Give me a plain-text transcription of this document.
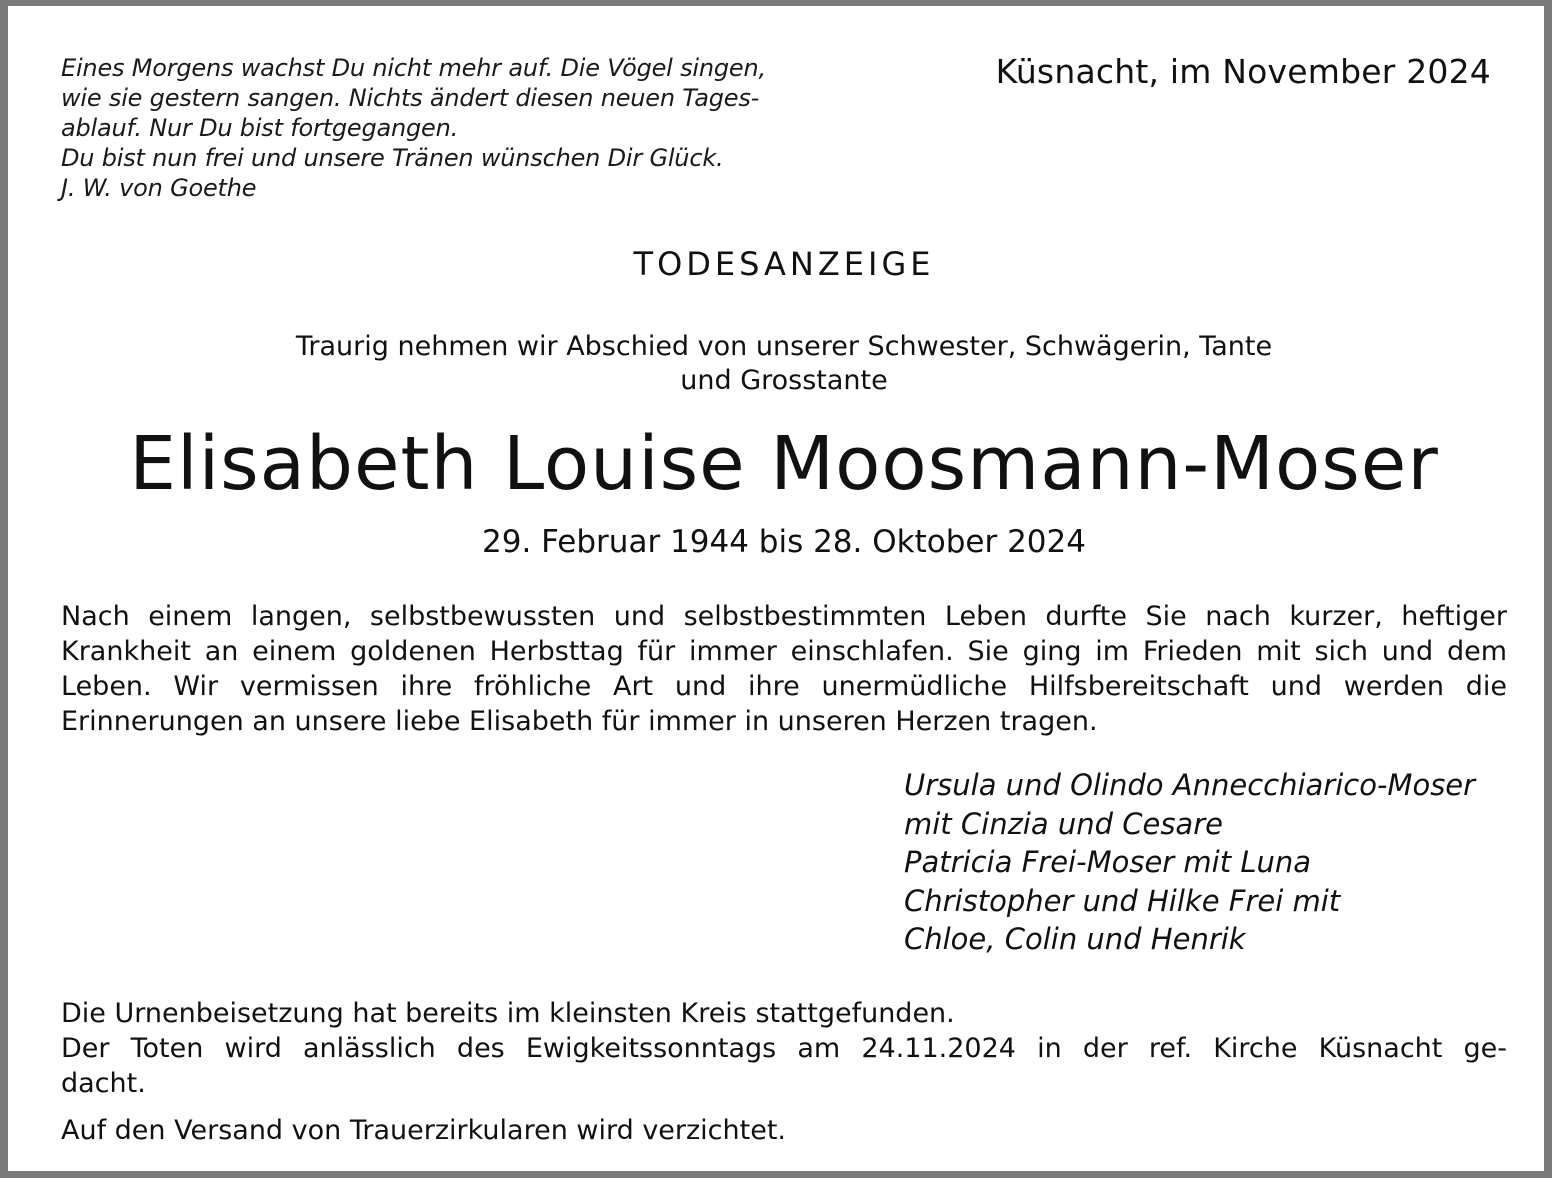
Eines Morgens wachst Du nicht mehr auf. Die Vögel singen,
wie sie gestern sangen. Nichts ändert diesen neuen Tages-
ablauf. Nur Du bist fortgegangen.
Du bist nun frei und unsere Tränen wünschen Dir Glück.
J. W. von Goethe
Küsnacht, im November 2024
TODESANZEIGE
Traurig nehmen wir Abschied von unserer Schwester, Schwägerin, Tante
und Grosstante
Elisabeth Louise Moosmann-Moser
29. Februar 1944 bis 28. Oktober 2024
Nach einem langen, selbstbewussten und selbstbestimmten Leben durfte Sie nach kurzer, heftiger Krankheit an einem goldenen Herbsttag für immer einschlafen. Sie ging im Frieden mit sich und dem Leben. Wir vermissen ihre fröhliche Art und ihre unermüdliche Hilfsbereitschaft und werden die Erinnerungen an unsere liebe Elisabeth für immer in unseren Herzen tragen.
Ursula und Olindo Annecchiarico-Moser
mit Cinzia und Cesare
Patricia Frei-Moser mit Luna
Christopher und Hilke Frei mit
Chloe, Colin und Henrik
Die Urnenbeisetzung hat bereits im kleinsten Kreis stattgefunden.
Der Toten wird anlässlich des Ewigkeitssonntags am 24.11.2024 in der ref. Kirche Küsnacht ge-
dacht.
Auf den Versand von Trauerzirkularen wird verzichtet.
